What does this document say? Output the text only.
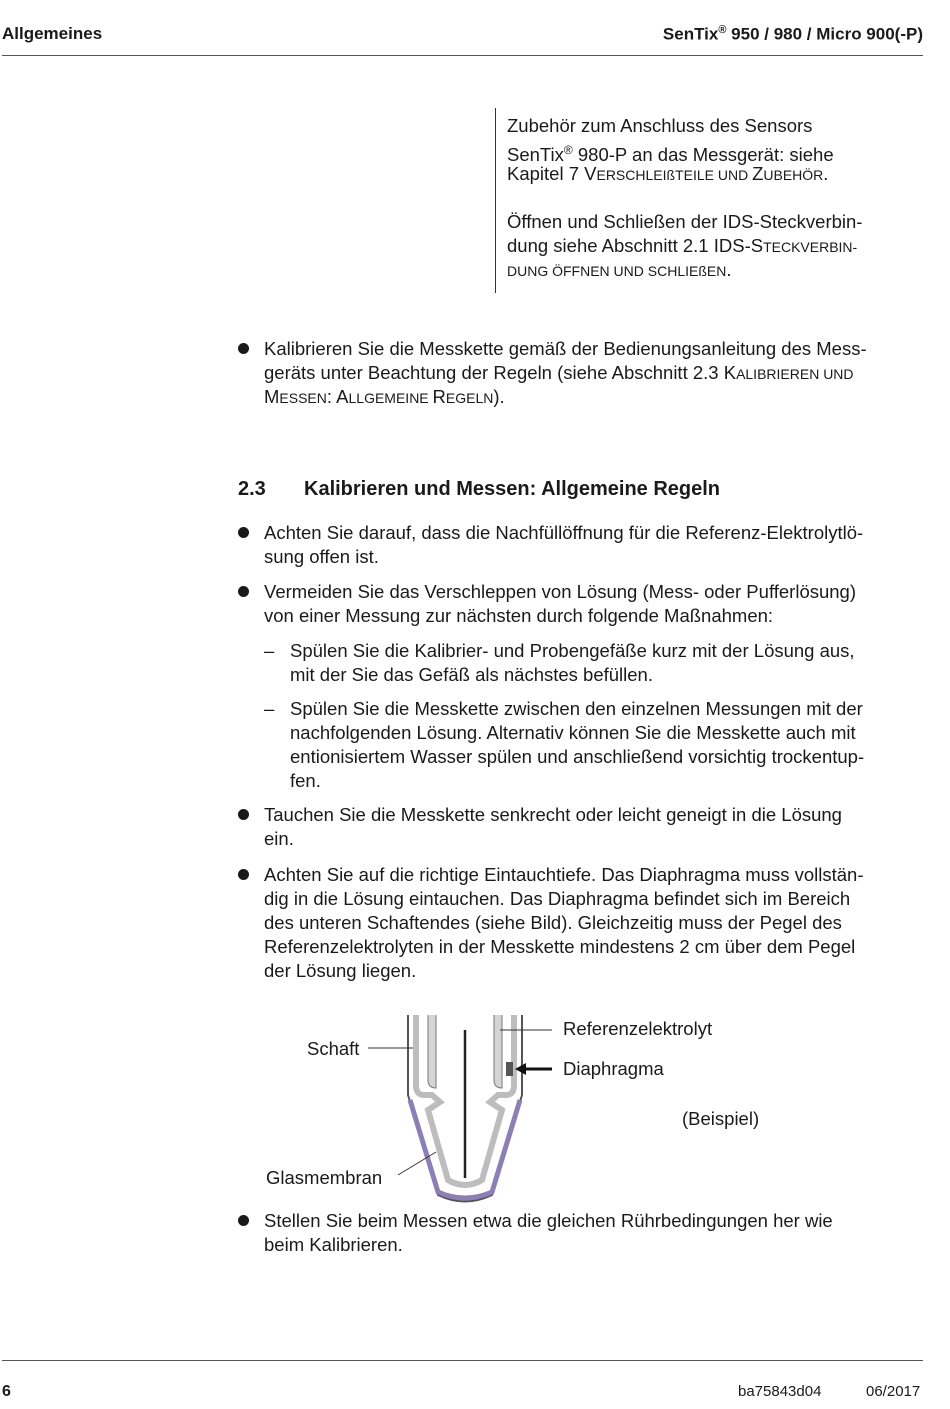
Allgemeines	SenTix® 950 / 980 / Micro 900(-P)

Zubehör zum Anschluss des Sensors

SenTix® 980-P an das Messgerät: siehe

Kapitel 7 VERSCHLEIßTEILE UND ZUBEHÖR.

Öffnen und Schließen der IDS-Steckverbin-

dung siehe Abschnitt 2.1 IDS-STECKVERBIN-

DUNG ÖFFNEN UND SCHLIEßEN.

Kalibrieren Sie die Messkette gemäß der Bedienungsanleitung des Mess-

geräts unter Beachtung der Regeln (siehe Abschnitt 2.3 KALIBRIEREN UND

MESSEN: ALLGEMEINE REGELN).

2.3 Kalibrieren und Messen: Allgemeine Regeln

Achten Sie darauf, dass die Nachfüllöffnung für die Referenz-Elektrolytlö-

sung offen ist.

Vermeiden Sie das Verschleppen von Lösung (Mess- oder Pufferlösung)

von einer Messung zur nächsten durch folgende Maßnahmen:

– Spülen Sie die Kalibrier- und Probengefäße kurz mit der Lösung aus,

mit der Sie das Gefäß als nächstes befüllen.

– Spülen Sie die Messkette zwischen den einzelnen Messungen mit der

nachfolgenden Lösung. Alternativ können Sie die Messkette auch mit

entionisiertem Wasser spülen und anschließend vorsichtig trockentup-

fen.

Tauchen Sie die Messkette senkrecht oder leicht geneigt in die Lösung

ein.

Achten Sie auf die richtige Eintauchtiefe. Das Diaphragma muss vollstän-

dig in die Lösung eintauchen. Das Diaphragma befindet sich im Bereich

des unteren Schaftendes (siehe Bild). Gleichzeitig muss der Pegel des

Referenzelektrolyten in der Messkette mindestens 2 cm über dem Pegel

der Lösung liegen.

Schaft
Referenzelektrolyt
Diaphragma
(Beispiel)
Glasmembran

Stellen Sie beim Messen etwa die gleichen Rührbedingungen her wie

beim Kalibrieren.

6	ba75843d04	06/2017
